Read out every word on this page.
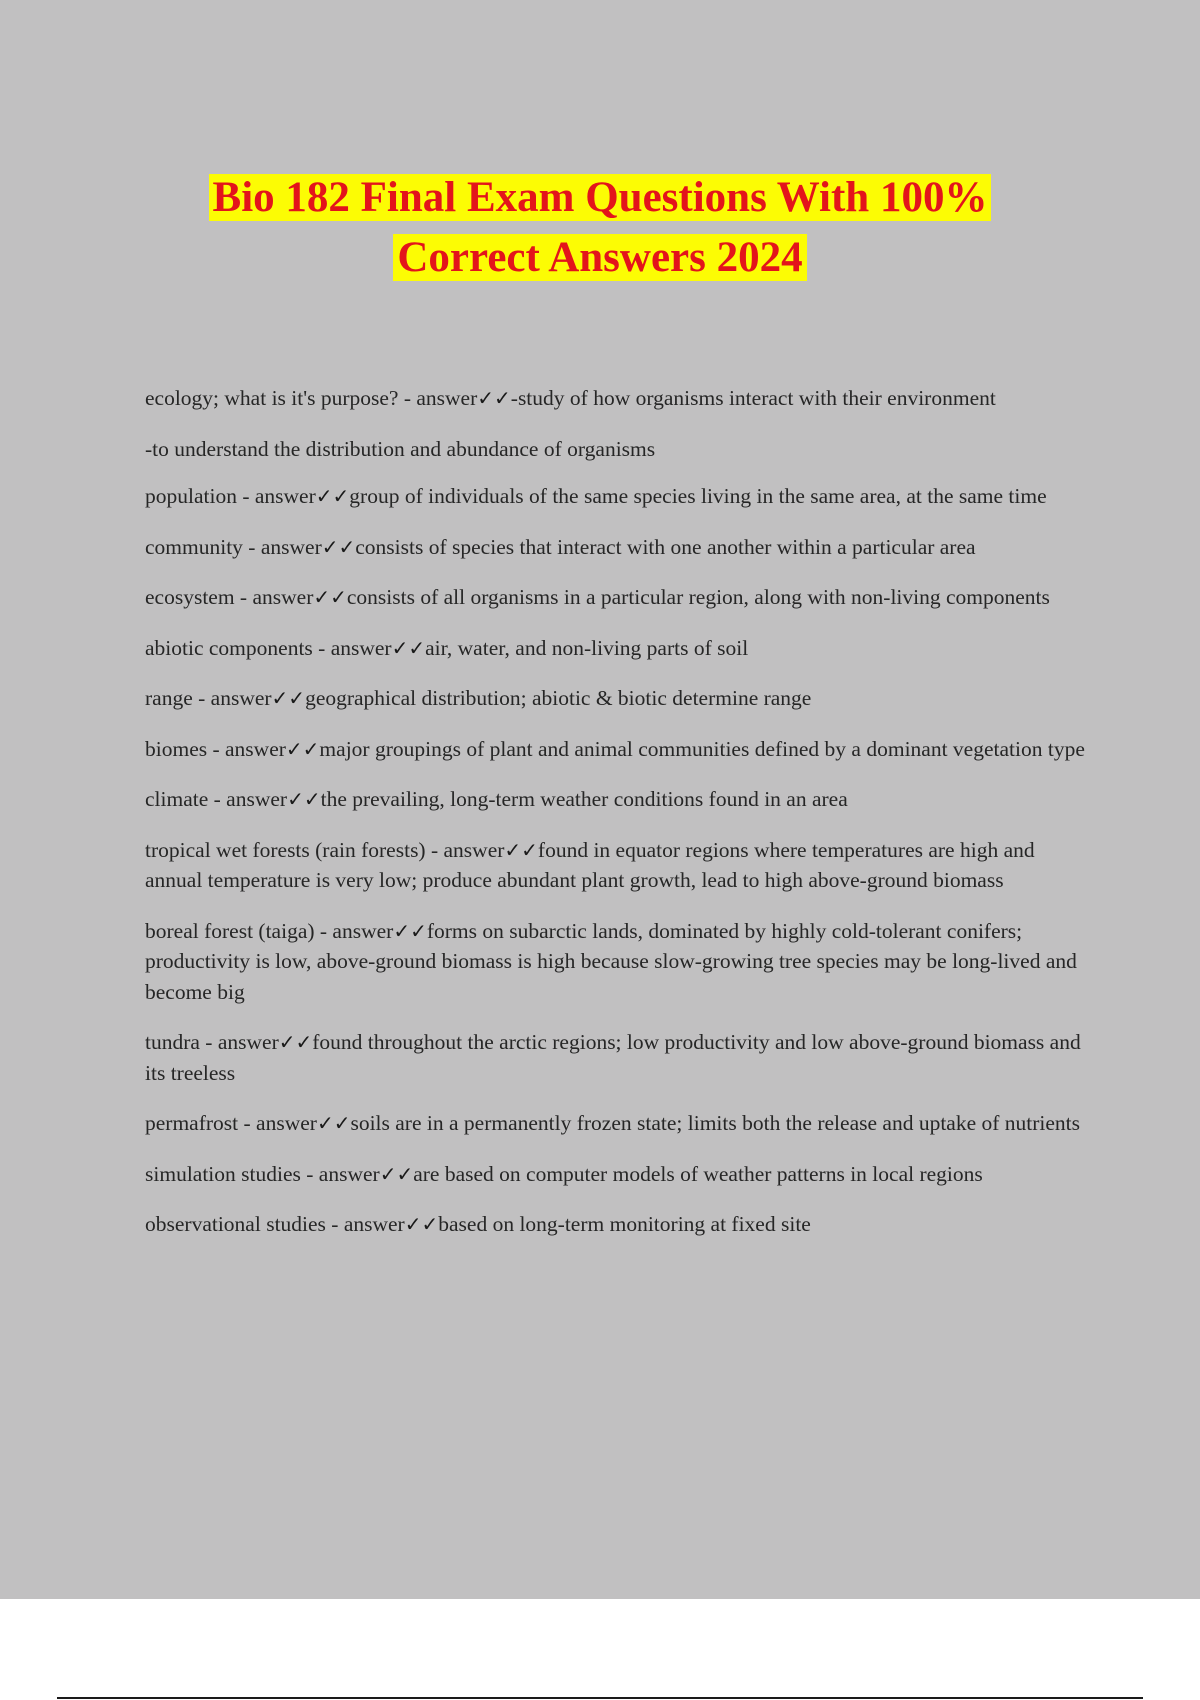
Bio 182 Final Exam Questions With 100%
Correct Answers 2024
ecology; what is it's purpose? - answer✓✓-study of how organisms interact with their environment
-to understand the distribution and abundance of organisms
population - answer✓✓group of individuals of the same species living in the same area, at the same time
community - answer✓✓consists of species that interact with one another within a particular area
ecosystem - answer✓✓consists of all organisms in a particular region, along with non-living components
abiotic components - answer✓✓air, water, and non-living parts of soil
range - answer✓✓geographical distribution; abiotic & biotic determine range
biomes - answer✓✓major groupings of plant and animal communities defined by a dominant vegetation type
climate - answer✓✓the prevailing, long-term weather conditions found in an area
tropical wet forests (rain forests) - answer✓✓found in equator regions where temperatures are high and annual temperature is very low; produce abundant plant growth, lead to high above-ground biomass
boreal forest (taiga) - answer✓✓forms on subarctic lands, dominated by highly cold-tolerant conifers; productivity is low, above-ground biomass is high because slow-growing tree species may be long-lived and become big
tundra - answer✓✓found throughout the arctic regions; low productivity and low above-ground biomass and its treeless
permafrost - answer✓✓soils are in a permanently frozen state; limits both the release and uptake of nutrients
simulation studies - answer✓✓are based on computer models of weather patterns in local regions
observational studies - answer✓✓based on long-term monitoring at fixed site
